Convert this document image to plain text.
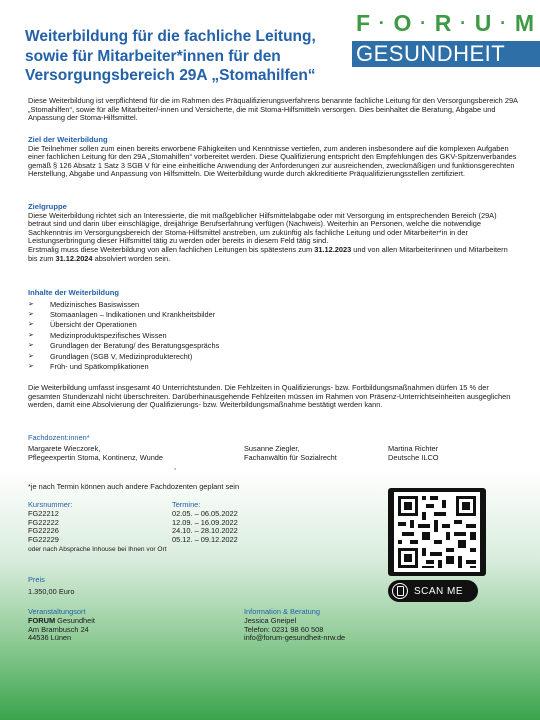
Weiterbildung für die fachliche Leitung, sowie für Mitarbeiter*innen für den Versorgungsbereich 29A „Stomahilfen“
F · O · R · U · M
GESUNDHEIT
Diese Weiterbildung ist verpflichtend für die im Rahmen des Präqualifizierungsverfahrens benannte fachliche Leitung für den Versorgungsbereich 29A „Stomahilfen“, sowie für alle Mitarbeiter/-innen und Versicherte, die mit Stoma-Hilfsmitteln versorgen. Dies beinhaltet die Beratung, Abgabe und Anpassung der Stoma-Hilfsmittel.
Ziel der Weiterbildung
Die Teilnehmer sollen zum einen bereits erworbene Fähigkeiten und Kenntnisse vertiefen, zum anderen insbesondere auf die komplexen Aufgaben einer fachlichen Leitung für den 29A „Stomahilfen“ vorbereitet werden. Diese Qualifizierung entspricht den Empfehlungen des GKV-Spitzenverbandes gemäß § 126 Absatz 1 Satz 3 SGB V für eine einheitliche Anwendung der Anforderungen zur ausreichenden, zweckmäßigen und funktionsgerechten Herstellung, Abgabe und Anpassung von Hilfsmitteln. Die Weiterbildung wurde durch akkreditierte Präqualifizierungsstellen zertifiziert.
Zielgruppe
Diese Weiterbildung richtet sich an Interessierte, die mit maßgeblicher Hilfsmittelabgabe oder mit Versorgung im entsprechenden Bereich (29A) betraut sind und darin über einschlägige, dreijährige Berufserfahrung verfügen (Nachweis). Weiterhin an Personen, welche die notwendige Sachkenntnis im Versorgungsbereich der Stoma-Hilfsmittel anstreben, um zukünftig als fachliche Leitung und oder Mitarbeiter*in in der Leistungserbringung dieser Hilfsmittel tätig zu werden oder bereits in diesem Feld tätig sind.
Erstmalig muss diese Weiterbildung von allen fachlichen Leitungen bis spätestens zum 31.12.2023 und von allen Mitarbeiterinnen und Mitarbeitern bis zum 31.12.2024 absolviert worden sein.
Inhalte der Weiterbildung
➢	Medizinisches Basiswissen
➢	Stomaanlagen – Indikationen und Krankheitsbilder
➢	Übersicht der Operationen
➢	Medizinproduktspezifisches Wissen
➢	Grundlagen der Beratung/ des Beratungsgesprächs
➢	Grundlagen (SGB V, Medizinprodukterecht)
➢	Früh- und Spätkomplikationen
Die Weiterbildung umfasst insgesamt 40 Unterrichtstunden. Die Fehlzeiten in Qualifizierungs- bzw. Fortbildungsmaßnahmen dürfen 15 % der gesamten Stundenzahl nicht überschreiten. Darüberhinausgehende Fehlzeiten müssen im Rahmen von Präsenz-Unterrichtseinheiten ausgeglichen werden, damit eine Absolvierung der Qualifizierungs- bzw. Weiterbildungsmaßnahme bestätigt werden kann.
Fachdozent:innen*
Margarete Wieczorek,
Pflegeexpertin Stoma, Kontinenz, Wunde
,
Susanne Ziegler,
Fachanwältin für Sozialrecht
Martina Richter
Deutsche ILCO
*je nach Termin können auch andere Fachdozenten geplant sein
Kursnummer:	Termine:
FG22212	02.05. – 06.05.2022
FG22222	12.09. – 16.09.2022
FG22226	24.10. – 28.10.2022
FG22229	05.12. – 09.12.2022
oder nach Absprache Inhouse bei Ihnen vor Ort
Preis
1.350,00 Euro
Veranstaltungsort
FORUM Gesundheit
Am Brambusch 24
44536 Lünen
Information & Beratung
Jessica Gneipel
Telefon: 0231 98 60 508
info@forum-gesundheit-nrw.de
SCAN ME
